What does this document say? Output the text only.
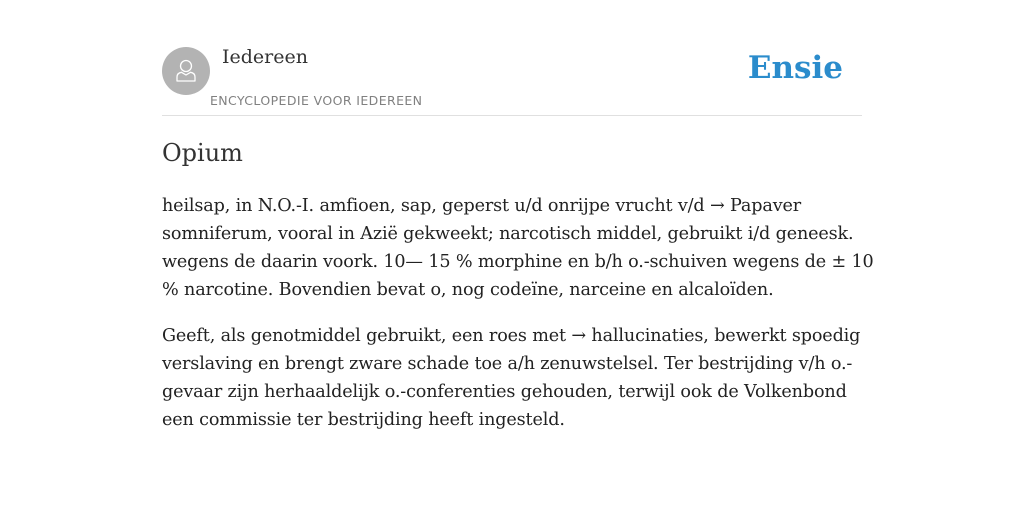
Iedereen
ENCYCLOPEDIE VOOR IEDEREEN
Ensie
Opium

heilsap, in N.O.-I. amfioen, sap, geperst u/d onrijpe vrucht v/d → Papaver
somniferum, vooral in Azië gekweekt; narcotisch middel, gebruikt i/d geneesk.
wegens de daarin voork. 10— 15 % morphine en b/h o.-schuiven wegens de ± 10
% narcotine. Bovendien bevat o, nog codeïne, narceine en alcaloïden.

Geeft, als genotmiddel gebruikt, een roes met → hallucinaties, bewerkt spoedig
verslaving en brengt zware schade toe a/h zenuwstelsel. Ter bestrijding v/h o.-
gevaar zijn herhaaldelijk o.-conferenties gehouden, terwijl ook de Volkenbond
een commissie ter bestrijding heeft ingesteld.
